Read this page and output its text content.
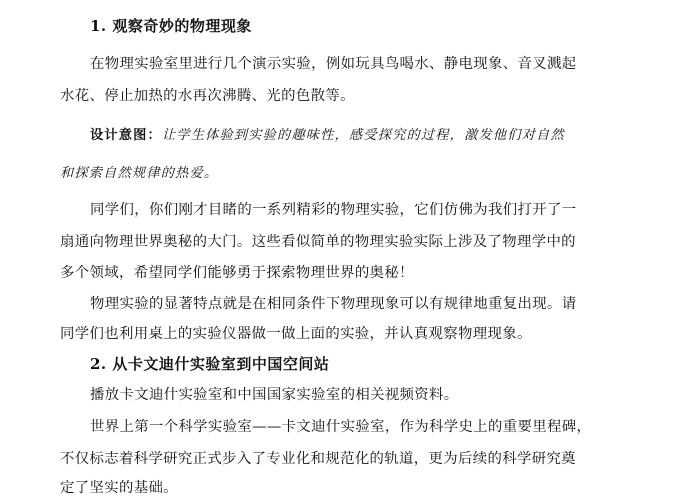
1. 观察奇妙的物理现象
在物理实验室里进行几个演示实验，例如玩具鸟喝水、静电现象、音叉溅起
水花、停止加热的水再次沸腾、光的色散等。
设计意图：让学生体验到实验的趣味性，感受探究的过程，激发他们对自然
和探索自然规律的热爱。
同学们，你们刚才目睹的一系列精彩的物理实验，它们仿佛为我们打开了一
扇通向物理世界奥秘的大门。这些看似简单的物理实验实际上涉及了物理学中的
多个领域，希望同学们能够勇于探索物理世界的奥秘！
物理实验的显著特点就是在相同条件下物理现象可以有规律地重复出现。请
同学们也利用桌上的实验仪器做一做上面的实验，并认真观察物理现象。
2. 从卡文迪什实验室到中国空间站
播放卡文迪什实验室和中国国家实验室的相关视频资料。
世界上第一个科学实验室——卡文迪什实验室，作为科学史上的重要里程碑，
不仅标志着科学研究正式步入了专业化和规范化的轨道，更为后续的科学研究奠
定了坚实的基础。
